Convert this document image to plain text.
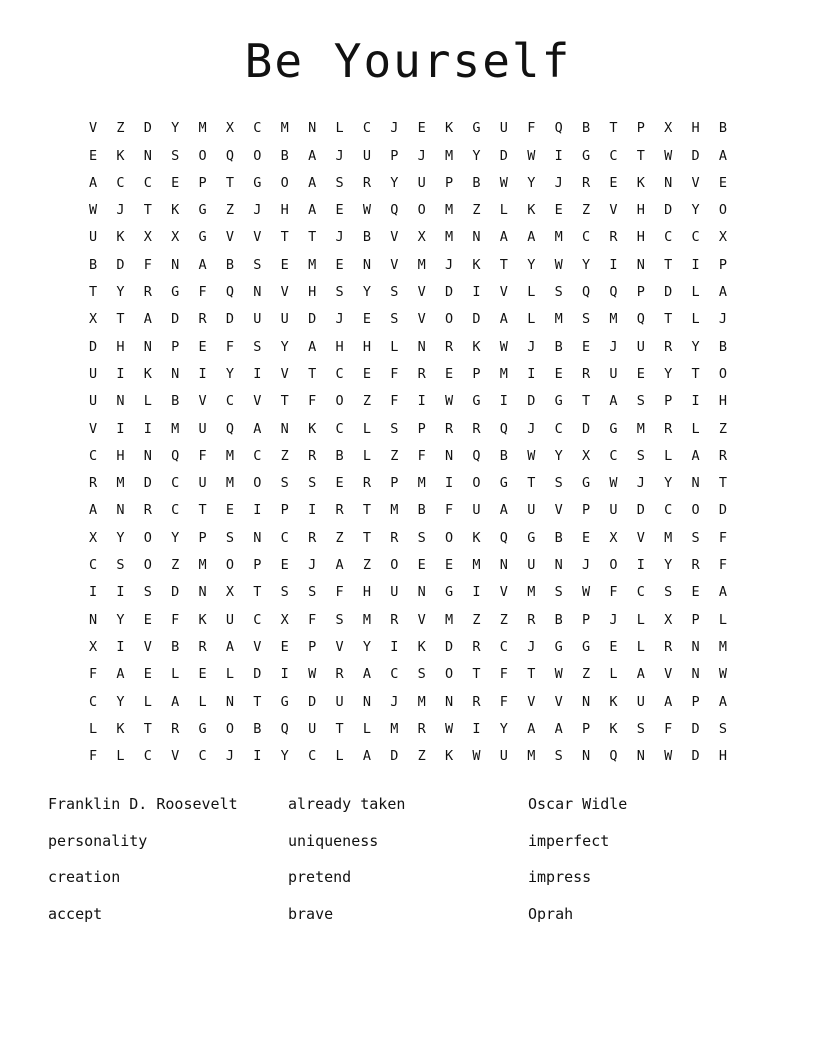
Be Yourself
V	Z	D	Y	M	X	C	M	N	L	C	J	E	K	G	U	F	Q	B	T	P	X	H	B
E	K	N	S	O	Q	O	B	A	J	U	P	J	M	Y	D	W	I	G	C	T	W	D	A
A	C	C	E	P	T	G	O	A	S	R	Y	U	P	B	W	Y	J	R	E	K	N	V	E
W	J	T	K	G	Z	J	H	A	E	W	Q	O	M	Z	L	K	E	Z	V	H	D	Y	O
U	K	X	X	G	V	V	T	T	J	B	V	X	M	N	A	A	M	C	R	H	C	C	X
B	D	F	N	A	B	S	E	M	E	N	V	M	J	K	T	Y	W	Y	I	N	T	I	P
T	Y	R	G	F	Q	N	V	H	S	Y	S	V	D	I	V	L	S	Q	Q	P	D	L	A
X	T	A	D	R	D	U	U	D	J	E	S	V	O	D	A	L	M	S	M	Q	T	L	J
D	H	N	P	E	F	S	Y	A	H	H	L	N	R	K	W	J	B	E	J	U	R	Y	B
U	I	K	N	I	Y	I	V	T	C	E	F	R	E	P	M	I	E	R	U	E	Y	T	O
U	N	L	B	V	C	V	T	F	O	Z	F	I	W	G	I	D	G	T	A	S	P	I	H
V	I	I	M	U	Q	A	N	K	C	L	S	P	R	R	Q	J	C	D	G	M	R	L	Z
C	H	N	Q	F	M	C	Z	R	B	L	Z	F	N	Q	B	W	Y	X	C	S	L	A	R
R	M	D	C	U	M	O	S	S	E	R	P	M	I	O	G	T	S	G	W	J	Y	N	T
A	N	R	C	T	E	I	P	I	R	T	M	B	F	U	A	U	V	P	U	D	C	O	D
X	Y	O	Y	P	S	N	C	R	Z	T	R	S	O	K	Q	G	B	E	X	V	M	S	F
C	S	O	Z	M	O	P	E	J	A	Z	O	E	E	M	N	U	N	J	O	I	Y	R	F
I	I	S	D	N	X	T	S	S	F	H	U	N	G	I	V	M	S	W	F	C	S	E	A
N	Y	E	F	K	U	C	X	F	S	M	R	V	M	Z	Z	R	B	P	J	L	X	P	L
X	I	V	B	R	A	V	E	P	V	Y	I	K	D	R	C	J	G	G	E	L	R	N	M
F	A	E	L	E	L	D	I	W	R	A	C	S	O	T	F	T	W	Z	L	A	V	N	W
C	Y	L	A	L	N	T	G	D	U	N	J	M	N	R	F	V	V	N	K	U	A	P	A
L	K	T	R	G	O	B	Q	U	T	L	M	R	W	I	Y	A	A	P	K	S	F	D	S
F	L	C	V	C	J	I	Y	C	L	A	D	Z	K	W	U	M	S	N	Q	N	W	D	H
Franklin D. Roosevelt	already taken	Oscar Widle
personality	uniqueness	imperfect
creation	pretend	impress
accept	brave	Oprah
